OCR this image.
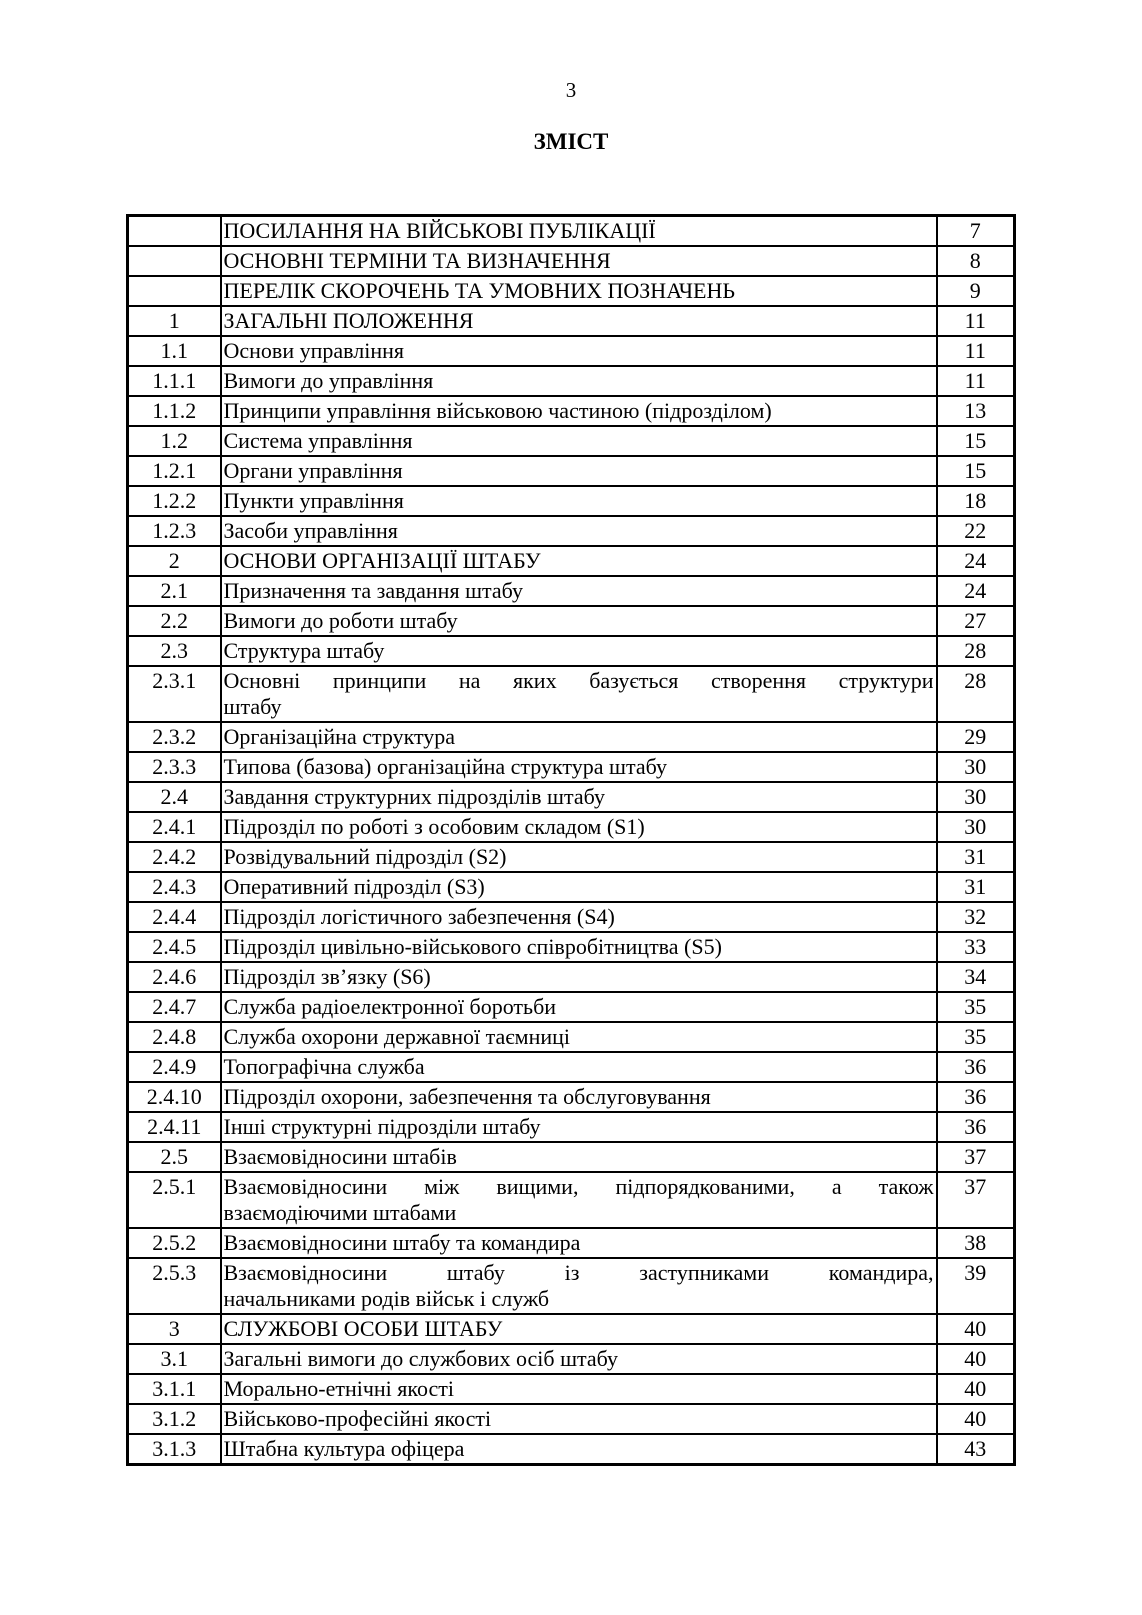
3
ЗМІСТ
	ПОСИЛАННЯ НА ВІЙСЬКОВІ ПУБЛІКАЦІЇ	7
	ОСНОВНІ ТЕРМІНИ ТА ВИЗНАЧЕННЯ	8
	ПЕРЕЛІК СКОРОЧЕНЬ ТА УМОВНИХ ПОЗНАЧЕНЬ	9
1	ЗАГАЛЬНІ ПОЛОЖЕННЯ	11
1.1	Основи управління	11
1.1.1	Вимоги до управління	11
1.1.2	Принципи управління військовою частиною (підрозділом)	13
1.2	Система управління	15
1.2.1	Органи управління	15
1.2.2	Пункти управління	18
1.2.3	Засоби управління	22
2	ОСНОВИ ОРГАНІЗАЦІЇ ШТАБУ	24
2.1	Призначення та завдання штабу	24
2.2	Вимоги до роботи штабу	27
2.3	Структура штабу	28
2.3.1	Основні принципи на яких базується створення структури
штабу	28
2.3.2	Організаційна структура	29
2.3.3	Типова (базова) організаційна структура штабу	30
2.4	Завдання структурних підрозділів штабу	30
2.4.1	Підрозділ по роботі з особовим складом (S1)	30
2.4.2	Розвідувальний підрозділ (S2)	31
2.4.3	Оперативний підрозділ (S3)	31
2.4.4	Підрозділ логістичного забезпечення (S4)	32
2.4.5	Підрозділ цивільно-військового співробітництва (S5)	33
2.4.6	Підрозділ зв’язку (S6)	34
2.4.7	Служба радіоелектронної боротьби	35
2.4.8	Служба охорони державної таємниці	35
2.4.9	Топографічна служба	36
2.4.10	Підрозділ охорони, забезпечення та обслуговування	36
2.4.11	Інші структурні підрозділи штабу	36
2.5	Взаємовідносини штабів	37
2.5.1	Взаємовідносини між вищими, підпорядкованими, а також
взаємодіючими штабами	37
2.5.2	Взаємовідносини штабу та командира	38
2.5.3	Взаємовідносини штабу із заступниками командира,
начальниками родів військ і служб	39
3	СЛУЖБОВІ ОСОБИ ШТАБУ	40
3.1	Загальні вимоги до службових осіб штабу	40
3.1.1	Морально-етнічні якості	40
3.1.2	Військово-професійні якості	40
3.1.3	Штабна культура офіцера	43
